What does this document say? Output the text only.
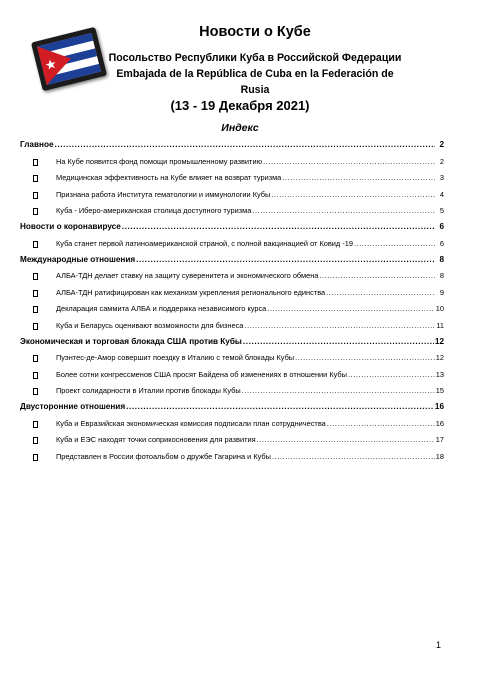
Новости о Кубе
Посольство Республики Куба в Российской Федерации
Embajada de la República de Cuba en la Federación de Rusia
(13 - 19 Декабря 2021)
Индекс
Главное .....	2
На Кубе появится фонд помощи промышленному развитию .....	2
Медицинская эффективность на Кубе влияет на возврат туризма .....	3
Признана работа Института гематологии и иммунологии Кубы .....	4
Куба - Иберо-американская столица доступного туризма .....	5
Новости о коронавирусе .....	6
Куба станет первой латиноамериканской страной, с полной вакцинацией от Ковид -19 .....	6
Международные отношения .....	8
АЛБА-ТДН делает ставку на защиту суверенитета и экономического обмена .....	8
АЛБА-ТДН ратифицирован как механизм укрепления регионального единства .....	9
Декларация саммита АЛБА и поддержка независимого курса .....	10
Куба и Беларусь оценивают возможности для бизнеса .....	11
Экономическая и торговая блокада США против Кубы .....	12
Пуэнтес-де-Амор совершит поездку в Италию с темой блокады Кубы .....	12
Более сотни конгрессменов США просят Байдена об изменениях в отношении Кубы .....	13
Проект солидарности в Италии против блокады Кубы .....	15
Двусторонние отношения .....	16
Куба и Евразийская экономическая комиссия подписали план сотрудничества .....	16
Куба и ЕЭС находят точки соприкосновения для развития .....	17
Представлен в России фотоальбом о дружбе Гагарина и Кубы .....	18
1
